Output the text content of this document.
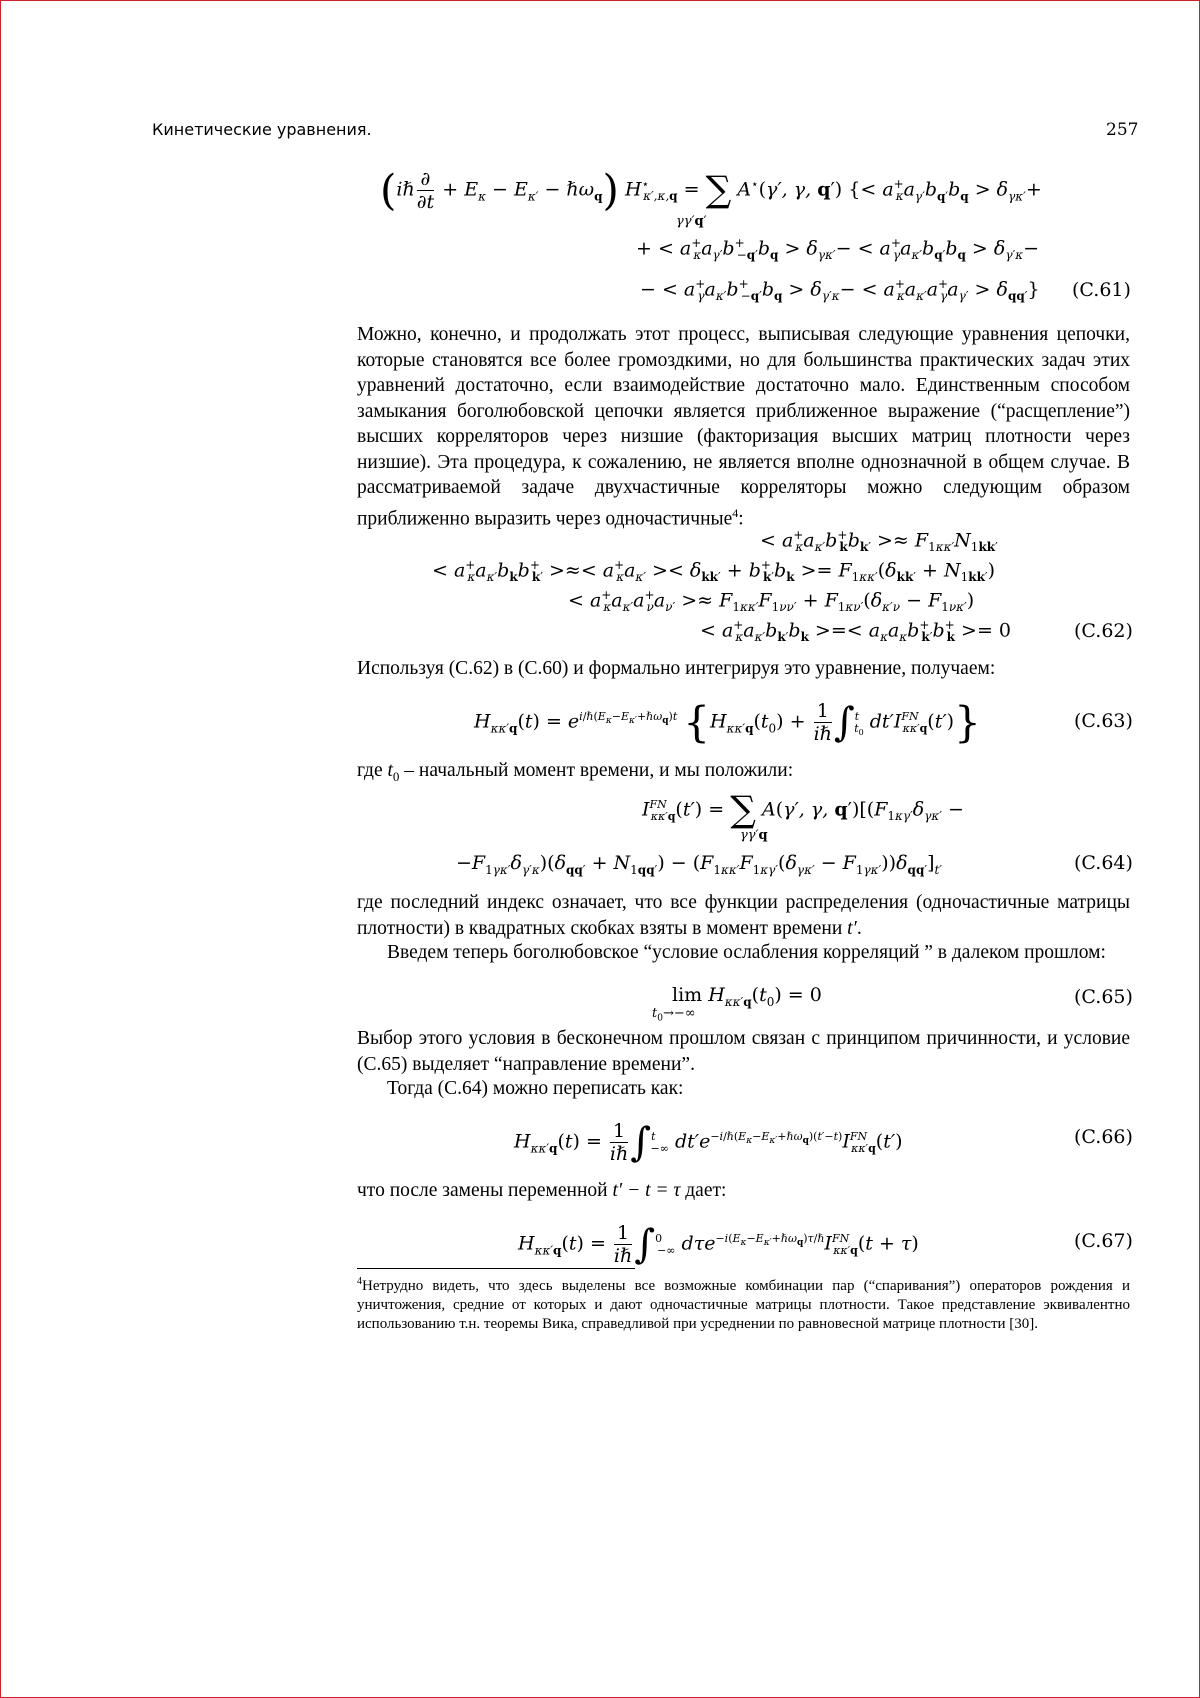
Кинетические уравнения.	257
(iℏ $\frac{\partial}{\partial t} + E_\kappa - E_{\kappa'}$ − ℏω$_q$) $H^⋆_{\kappa',\kappa,q}$ = ∑ A⋆(γ′, γ, q′) {< $a^+_\kappa a_{\gamma'}b_{q'}b_q > \delta_{\gamma\kappa'}+$
γγ′q′
+ < $a^+_\kappa a_{\gamma'}b^+_{-q'}b_q > \delta_{\gamma\kappa'}- < a^+_\gamma a_{\kappa'}b_{q'}b_q > \delta_{\gamma'\kappa}-$
− < $a^+_\gamma a_{\kappa'}b^+_{-q'}b_q > \delta_{\gamma'\kappa}- < a^+_\kappa a_{\kappa'}a^+_\gamma a_{\gamma'} > \delta_{qq'}$} (C.61)
Можно, конечно, и продолжать этот процесс, выписывая следующие уравнения цепочки, которые становятся все более громоздкими, но для большинства практических задач этих уравнений достаточно, если взаимодействие достаточно мало. Единственным способом замыкания боголюбовской цепочки является приближенное выражение (“расщепление”) высших корреляторов через низшие (факторизация высших матриц плотности через низшие). Эта процедура, к сожалению, не является вполне однозначной в общем случае. В рассматриваемой задаче двухчастичные корреляторы можно следующим образом приближенно выразить через одночастичные$^4$:
< $a^+_\kappa a_{\kappa'}b^+_kb_{k'} >\approx F_{1\kappa\kappa'}N_{1kk'}$
< $a^+_\kappa a_{\kappa'}b_kb^+_{k'}$ >≈< $a^+_\kappa a_{\kappa'} >< \delta_{kk'} + b^+_{k'}b_k >= F_{1\kappa\kappa'}(\delta_{kk'} + N_{1kk'})$
< $a^+_\kappa a_{\kappa'}a^+_\nu a_{\nu'} >\approx F_{1\kappa\kappa'}F_{1\nu\nu'} + F_{1\kappa\nu'}(\delta_{\kappa'\nu} - F_{1\nu\kappa'})$
< $a^+_\kappa a_{\kappa'}b_{k'}b_k$ >=< $a_\kappa a_\kappa b^+_{k'}b^+_k >= 0$	(C.62)
Используя (C.62) в (C.60) и формально интегрируя это уравнение, получаем:
$H_{\kappa\kappa'q}(t) = e^{i/\hbar(E_\kappa-E_{\kappa'}+\hbar\omega_q)t}$ {$H_{\kappa\kappa'q}(t_0) + \frac{1}{\text{iℏ}} \int^t_{t_0}$ $dt'I^{FN}_{\kappa\kappa'q}(t')$}	(C.63)
где $t_0$ – начальный момент времени, и мы положили:
$I^{FN}_{\kappa\kappa'q}(t')$ = ∑ A(γ′, γ, $q')[(F_{1\kappa\gamma'}\delta_{\gamma\kappa'}$ −
γγ′q
$-F_{1\gamma\kappa'}\delta_{\gamma'\kappa})(\delta_{qq'} + N_{1qq'}) - (F_{1\kappa\kappa'}F_{1\kappa\gamma'}(\delta_{\gamma\kappa'} - F_{1\gamma\kappa'}))\delta_{qq'}]_{t'}$	(C.64)
где последний индекс означает, что все функции распределения (одночастичные матрицы плотности) в квадратных скобках взяты в момент времени t′.
Введем теперь боголюбовское “условие ослабления корреляций ” в далеком прошлом:
$\lim H_{\kappa\kappa'q}(t_0) = 0$
$t_0\to-\infty$
(C.65)
Выбор этого условия в бесконечном прошлом связан с принципом причинности, и условие (C.65) выделяет “направление времени”.
Тогда (C.64) можно переписать как:
$H_{\kappa\kappa'q}(t) = \frac{1}{\text{iℏ}} \int^t_{-\infty}$ $dt'e^{-i/\hbar(E_\kappa-E_{\kappa'}+\hbar\omega_q)(t'-t)}I^{FN}_{\kappa\kappa'q}(t')$	(C.66)
что после замены переменной t′ − t = τ дает:
$H_{\kappa\kappa'q}(t) = \frac{1}{\text{iℏ}} \int^0_{-\infty}$ $d\tau e^{-i(E_\kappa-E_{\kappa'}+\hbar\omega_q)\tau/\hbar}I^{FN}_{\kappa\kappa'q}(t + \tau)$	(C.67)
$^4$Нетрудно видеть, что здесь выделены все возможные комбинации пар (“спаривания”) операторов рождения и уничтожения, средние от которых и дают одночастичные матрицы плотности. Такое представление эквивалентно использованию т.н. теоремы Вика, справедливой при усреднении по равновесной матрице плотности [30].
